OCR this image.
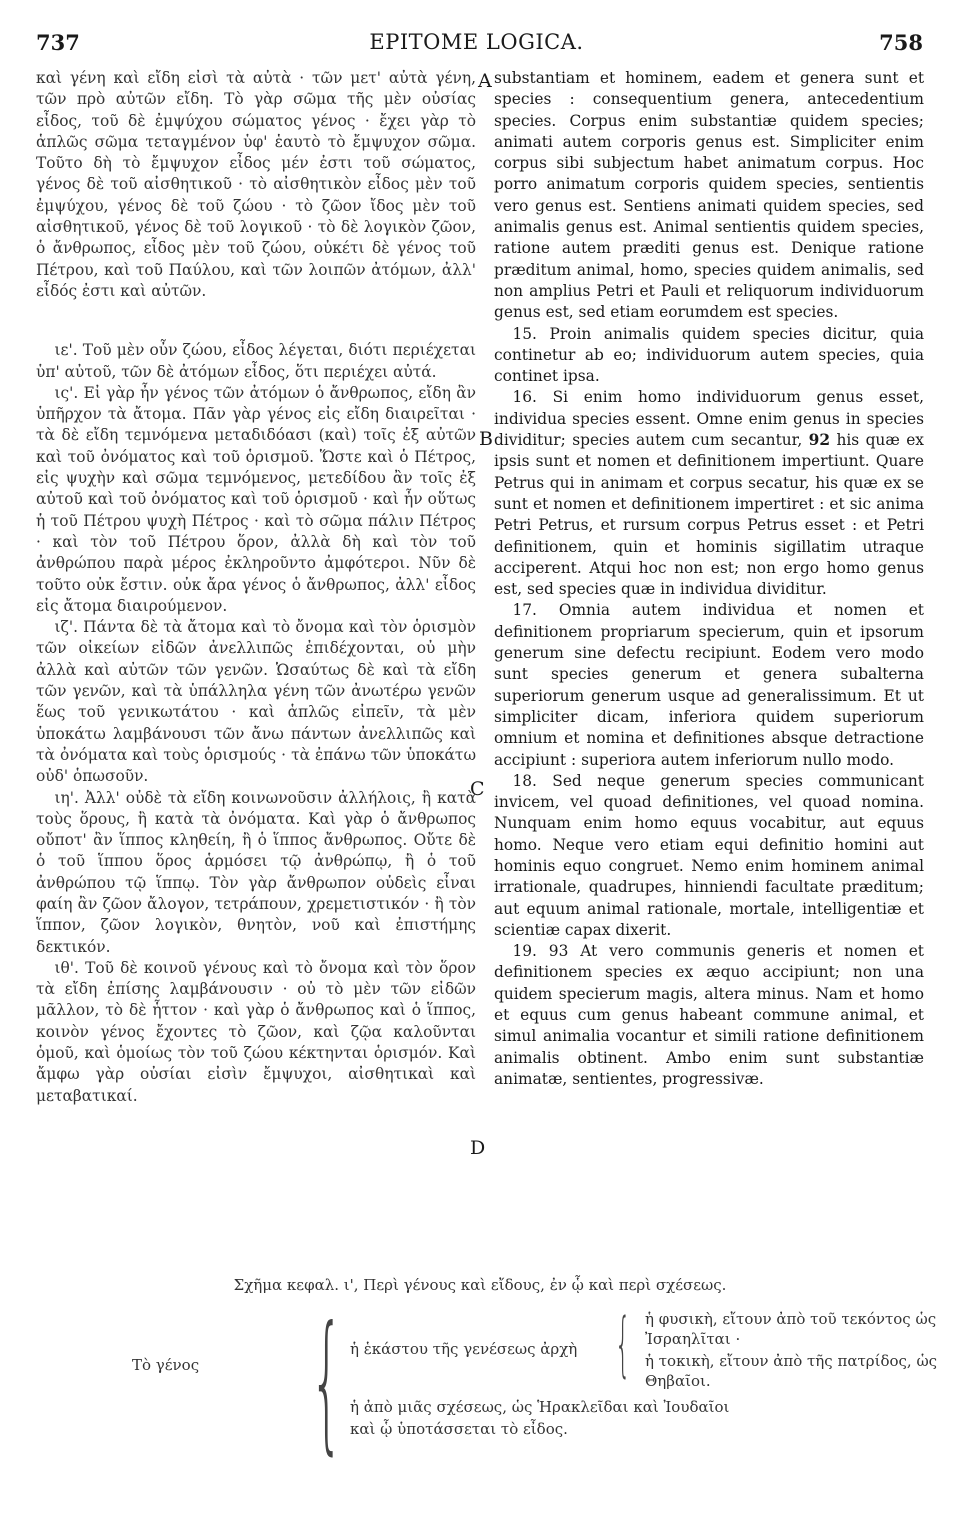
737	EPITOME LOGICA.	758

καὶ γένη καὶ εἴδη εἰσὶ τὰ αὐτὰ · τῶν μετ' αὐτὰ γένη, τῶν πρὸ αὐτῶν εἴδη. Τὸ γὰρ σῶμα τῆς μὲν οὐσίας εἶδος, τοῦ δὲ ἐμψύχου σώματος γένος · ἔχει γὰρ τὸ ἁπλῶς σῶμα τεταγμένον ὑφ' ἑαυτὸ τὸ ἔμψυχον σῶμα. Τοῦτο δὴ τὸ ἔμψυχον εἶδος μέν ἐστι τοῦ σώματος, γένος δὲ τοῦ αἰσθητικοῦ · τὸ αἰσθητικὸν εἶδος μὲν τοῦ ἐμψύχου, γένος δὲ τοῦ ζώου · τὸ ζῶον ἴδος μὲν τοῦ αἰσθητικοῦ, γένος δὲ τοῦ λογικοῦ · τὸ δὲ λογικὸν ζῶον, ὁ ἄνθρωπος, εἶδος μὲν τοῦ ζώου, οὐκέτι δὲ γένος τοῦ Πέτρου, καὶ τοῦ Παύλου, καὶ τῶν λοιπῶν ἀτόμων, ἀλλ' εἶδός ἐστι καὶ αὐτῶν.

ιε'. Τοῦ μὲν οὖν ζώου, εἶδος λέγεται, διότι περιέχεται ὑπ' αὐτοῦ, τῶν δὲ ἀτόμων εἶδος, ὅτι περιέχει αὐτά.

ις'. Εἰ γὰρ ἦν γένος τῶν ἀτόμων ὁ ἄνθρωπος, εἴδη ἂν ὑπῆρχον τὰ ἄτομα. Πᾶν γὰρ γένος εἰς εἴδη διαιρεῖται · τὰ δὲ εἴδη τεμνόμενα μεταδιδόασι (καὶ) τοῖς ἐξ αὐτῶν καὶ τοῦ ὀνόματος καὶ τοῦ ὁρισμοῦ. Ὥστε καὶ ὁ Πέτρος, εἰς ψυχὴν καὶ σῶμα τεμνόμενος, μετεδίδου ἂν τοῖς ἐξ αὐτοῦ καὶ τοῦ ὀνόματος καὶ τοῦ ὁρισμοῦ · καὶ ἦν οὕτως ἡ τοῦ Πέτρου ψυχὴ Πέτρος · καὶ τὸ σῶμα πάλιν Πέτρος · καὶ τὸν τοῦ Πέτρου ὅρον, ἀλλὰ δὴ καὶ τὸν τοῦ ἀνθρώπου παρὰ μέρος ἐκληροῦντο ἀμφότεροι. Νῦν δὲ τοῦτο οὐκ ἔστιν. οὐκ ἄρα γένος ὁ ἄνθρωπος, ἀλλ' εἶδος εἰς ἄτομα διαιρούμενον.

ιζ'. Πάντα δὲ τὰ ἄτομα καὶ τὸ ὄνομα καὶ τὸν ὁρισμὸν τῶν οἰκείων εἰδῶν ἀνελλιπῶς ἐπιδέχονται, οὐ μὴν ἀλλὰ καὶ αὐτῶν τῶν γενῶν. Ὡσαύτως δὲ καὶ τὰ εἴδη τῶν γενῶν, καὶ τὰ ὑπάλληλα γένη τῶν ἀνωτέρω γενῶν ἕως τοῦ γενικωτάτου · καὶ ἁπλῶς εἰπεῖν, τὰ μὲν ὑποκάτω λαμβάνουσι τῶν ἄνω πάντων ἀνελλιπῶς καὶ τὰ ὀνόματα καὶ τοὺς ὁρισμούς · τὰ ἐπάνω τῶν ὑποκάτω οὐδ' ὁπωσοῦν.

ιη'. Ἀλλ' οὐδὲ τὰ εἴδη κοινωνοῦσιν ἀλλήλοις, ἢ κατὰ τοὺς ὅρους, ἢ κατὰ τὰ ὀνόματα. Καὶ γὰρ ὁ ἄνθρωπος οὔποτ' ἂν ἵππος κληθείη, ἢ ὁ ἵππος ἄνθρωπος. Οὔτε δὲ ὁ τοῦ ἵππου ὅρος ἁρμόσει τῷ ἀνθρώπῳ, ἢ ὁ τοῦ ἀνθρώπου τῷ ἵππῳ. Τὸν γὰρ ἄνθρωπον οὐδεὶς εἶναι φαίη ἂν ζῶον ἄλογον, τετράπουν, χρεμετιστικόν · ἢ τὸν ἵππον, ζῶον λογικὸν, θνητὸν, νοῦ καὶ ἐπιστήμης δεκτικόν.

ιθ'. Τοῦ δὲ κοινοῦ γένους καὶ τὸ ὄνομα καὶ τὸν ὅρον τὰ εἴδη ἐπίσης λαμβάνουσιν · οὐ τὸ μὲν τῶν εἰδῶν μᾶλλον, τὸ δὲ ἧττον · καὶ γὰρ ὁ ἄνθρωπος καὶ ὁ ἵππος, κοινὸν γένος ἔχοντες τὸ ζῶον, καὶ ζῷα καλοῦνται ὁμοῦ, καὶ ὁμοίως τὸν τοῦ ζώου κέκτηνται ὁρισμόν. Καὶ ἄμφω γὰρ οὐσίαι εἰσὶν ἔμψυχοι, αἰσθητικαὶ καὶ μεταβατικαί.

substantiam et hominem, eadem et genera sunt et species : consequentium genera, antecedentium species. Corpus enim substantiæ quidem species; animati autem corporis genus est. Simpliciter enim corpus sibi subjectum habet animatum corpus. Hoc porro animatum corporis quidem species, sentientis vero genus est. Sentiens animati quidem species, sed animalis genus est. Animal sentientis quidem species, ratione autem præditi genus est. Denique ratione præditum animal, homo, species quidem animalis, sed non amplius Petri et Pauli et reliquorum individuorum genus est, sed etiam eorumdem est species.

15. Proin animalis quidem species dicitur, quia continetur ab eo; individuorum autem species, quia continet ipsa.

16. Si enim homo individuorum genus esset, individua species essent. Omne enim genus in species dividitur; species autem cum secantur, 92 his quæ ex ipsis sunt et nomen et definitionem impertiunt. Quare Petrus qui in animam et corpus secatur, his quæ ex se sunt et nomen et definitionem impertiret : et sic anima Petri Petrus, et rursum corpus Petrus esset : et Petri definitionem, quin et hominis sigillatim utraque acciperent. Atqui hoc non est; non ergo homo genus est, sed species quæ in individua dividitur.

17. Omnia autem individua et nomen et definitionem propriarum specierum, quin et ipsorum generum sine defectu recipiunt. Eodem vero modo sunt species generum et genera subalterna superiorum generum usque ad generalissimum. Et ut simpliciter dicam, inferiora quidem superiorum omnium et nomina et definitiones absque detractione accipiunt : superiora autem inferiorum nullo modo.

18. Sed neque generum species communicant invicem, vel quoad definitiones, vel quoad nomina. Nunquam enim homo equus vocabitur, aut equus homo. Neque vero etiam equi definitio homini aut hominis equo congruet. Nemo enim hominem animal irrationale, quadrupes, hinniendi facultate præditum; aut equum animal rationale, mortale, intelligentiæ et scientiæ capax dixerit.

19. 93 At vero communis generis et nomen et definitionem species ex æquo accipiunt; non una quidem specierum magis, altera minus. Nam et homo et equus cum genus habeant commune animal, et simul animalia vocantur et simili ratione definitionem animalis obtinent. Ambo enim sunt substantiæ animatæ, sentientes, progressivæ.

A
B
C
D
Σχῆμα κεφαλ. ι', Περὶ γένους καὶ εἴδους, ἐν ᾧ καὶ περὶ σχέσεως.
Τὸ γένος { ἡ ἑκάστου τῆς γενέσεως ἀρχὴ { ἡ φυσικὴ, εἴτουν ἀπὸ τοῦ τεκόντος ὡς Ἰσραηλῖται ·
ἡ τοκικὴ, εἴτουν ἀπὸ τῆς πατρίδος, ὡς Θηβαῖοι.
ἡ ἀπὸ μιᾶς σχέσεως, ὡς Ἡρακλεῖδαι καὶ Ἰουδαῖοι
καὶ ᾧ ὑποτάσσεται τὸ εἶδος.
